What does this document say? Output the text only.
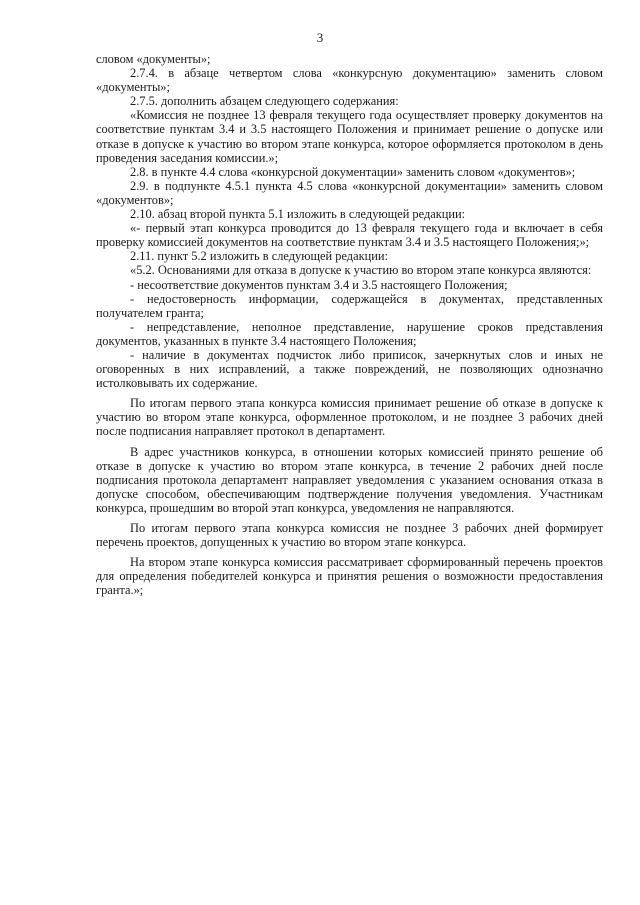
3

словом «документы»;

2.7.4. в абзаце четвертом слова «конкурсную документацию» заменить словом «документы»;

2.7.5. дополнить абзацем следующего содержания:

«Комиссия не позднее 13 февраля текущего года осуществляет проверку документов на соответствие пунктам 3.4 и 3.5 настоящего Положения и принимает решение о допуске или отказе в допуске к участию во втором этапе конкурса, которое оформляется протоколом в день проведения заседания комиссии.»;

2.8. в пункте 4.4 слова «конкурсной документации» заменить словом «документов»;

2.9. в подпункте 4.5.1 пункта 4.5 слова «конкурсной документации» заменить словом «документов»;

2.10. абзац второй пункта 5.1 изложить в следующей редакции:

«- первый этап конкурса проводится до 13 февраля текущего года и включает в себя проверку комиссией документов на соответствие пунктам 3.4 и 3.5 настоящего Положения;»;

2.11. пункт 5.2 изложить в следующей редакции:

«5.2. Основаниями для отказа в допуске к участию во втором этапе конкурса являются:

- несоответствие документов пунктам 3.4 и 3.5 настоящего Положения;

- недостоверность информации, содержащейся в документах, представленных получателем гранта;

- непредставление, неполное представление, нарушение сроков представления документов, указанных в пункте 3.4 настоящего Положения;

- наличие в документах подчисток либо приписок, зачеркнутых слов и иных не оговоренных в них исправлений, а также повреждений, не позволяющих однозначно истолковывать их содержание.

По итогам первого этапа конкурса комиссия принимает решение об отказе в допуске к участию во втором этапе конкурса, оформленное протоколом, и не позднее 3 рабочих дней после подписания направляет протокол в департамент.

В адрес участников конкурса, в отношении которых комиссией принято решение об отказе в допуске к участию во втором этапе конкурса, в течение 2 рабочих дней после подписания протокола департамент направляет уведомления с указанием основания отказа в допуске способом, обеспечивающим подтверждение получения уведомления. Участникам конкурса, прошедшим во второй этап конкурса, уведомления не направляются.

По итогам первого этапа конкурса комиссия не позднее 3 рабочих дней формирует перечень проектов, допущенных к участию во втором этапе конкурса.

На втором этапе конкурса комиссия рассматривает сформированный перечень проектов для определения победителей конкурса и принятия решения о возможности предоставления гранта.»;
